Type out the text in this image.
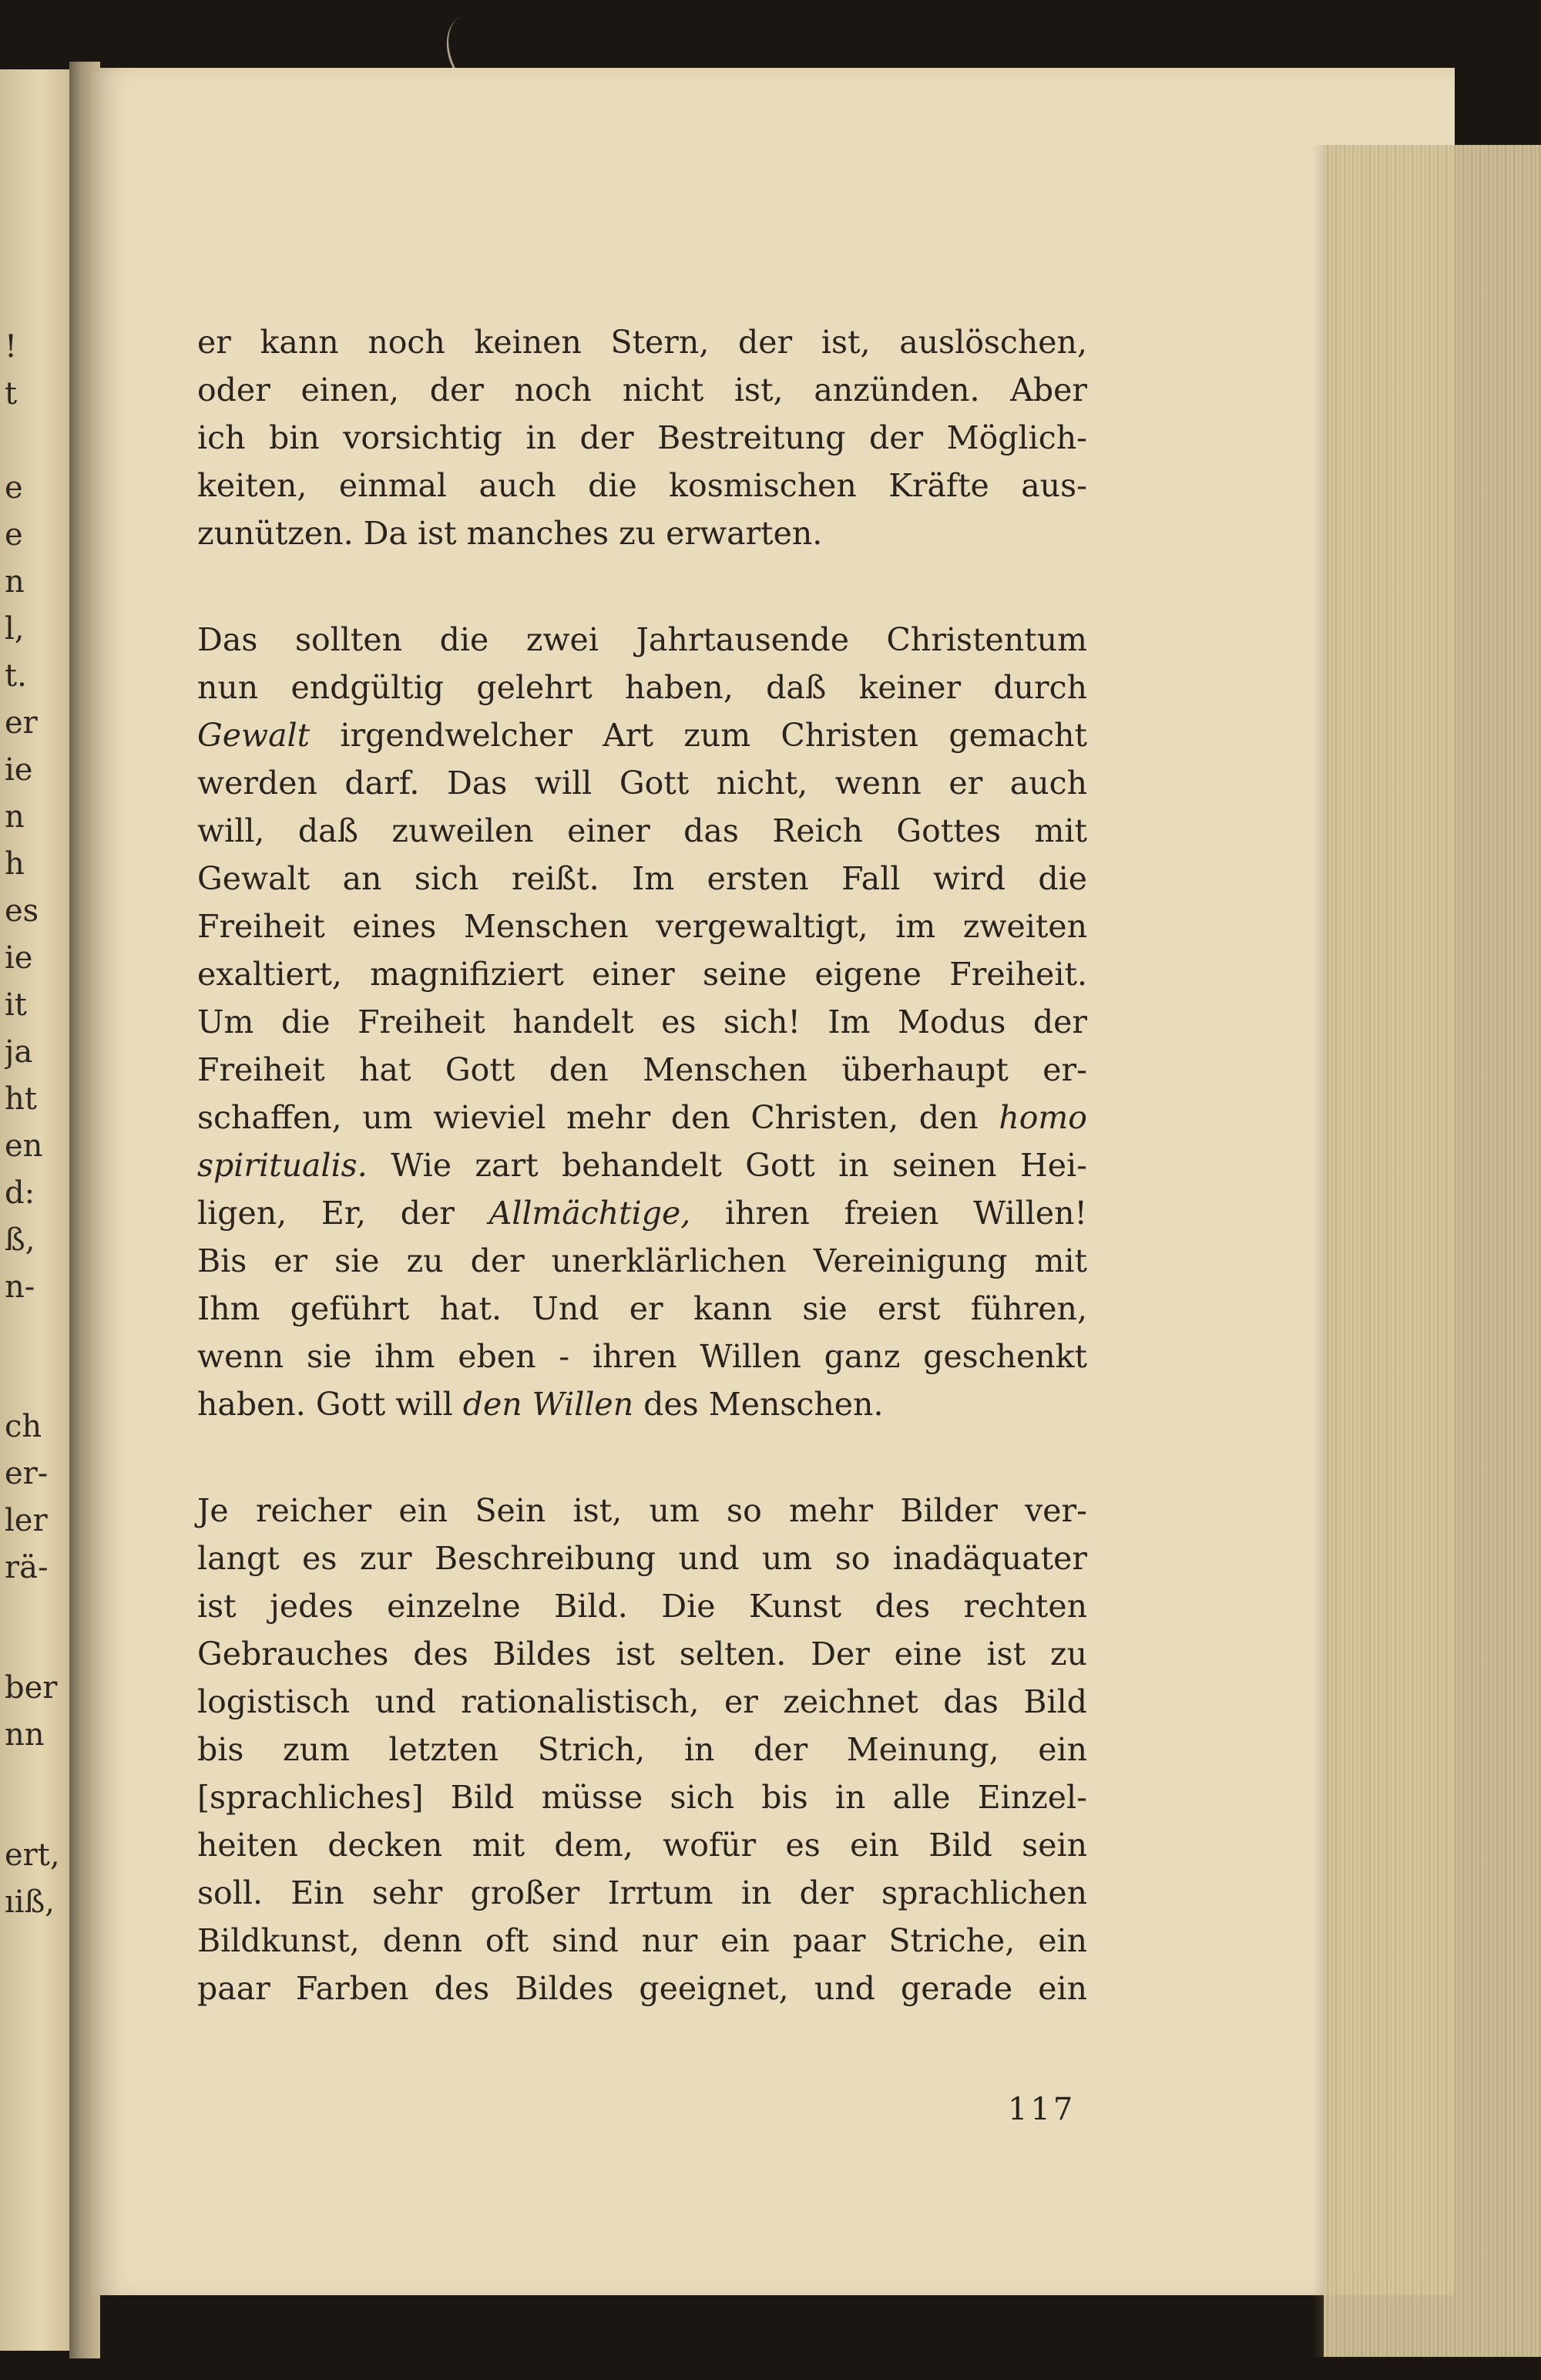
!
t
e
e
n
l,
t.
er
ie
n
h
es
ie
it
ja
ht
en
d:
ß,
n-
ch
er-
ler
rä-
ber
nn
ert,
ıiß,
er kann noch keinen Stern, der ist, auslöschen,
oder einen, der noch nicht ist, anzünden. Aber
ich bin vorsichtig in der Bestreitung der Möglich-
keiten, einmal auch die kosmischen Kräfte aus-
zunützen. Da ist manches zu erwarten.
Das sollten die zwei Jahrtausende Christentum
nun endgültig gelehrt haben, daß keiner durch
Gewalt irgendwelcher Art zum Christen gemacht
werden darf. Das will Gott nicht, wenn er auch
will, daß zuweilen einer das Reich Gottes mit
Gewalt an sich reißt. Im ersten Fall wird die
Freiheit eines Menschen vergewaltigt, im zweiten
exaltiert, magnifiziert einer seine eigene Freiheit.
Um die Freiheit handelt es sich! Im Modus der
Freiheit hat Gott den Menschen überhaupt er-
schaffen, um wieviel mehr den Christen, den homo
spiritualis. Wie zart behandelt Gott in seinen Hei-
ligen, Er, der Allmächtige, ihren freien Willen!
Bis er sie zu der unerklärlichen Vereinigung mit
Ihm geführt hat. Und er kann sie erst führen,
wenn sie ihm eben - ihren Willen ganz geschenkt
haben. Gott will den Willen des Menschen.
Je reicher ein Sein ist, um so mehr Bilder ver-
langt es zur Beschreibung und um so inadäquater
ist jedes einzelne Bild. Die Kunst des rechten
Gebrauches des Bildes ist selten. Der eine ist zu
logistisch und rationalistisch, er zeichnet das Bild
bis zum letzten Strich, in der Meinung, ein
[sprachliches] Bild müsse sich bis in alle Einzel-
heiten decken mit dem, wofür es ein Bild sein
soll. Ein sehr großer Irrtum in der sprachlichen
Bildkunst, denn oft sind nur ein paar Striche, ein
paar Farben des Bildes geeignet, und gerade ein
117
